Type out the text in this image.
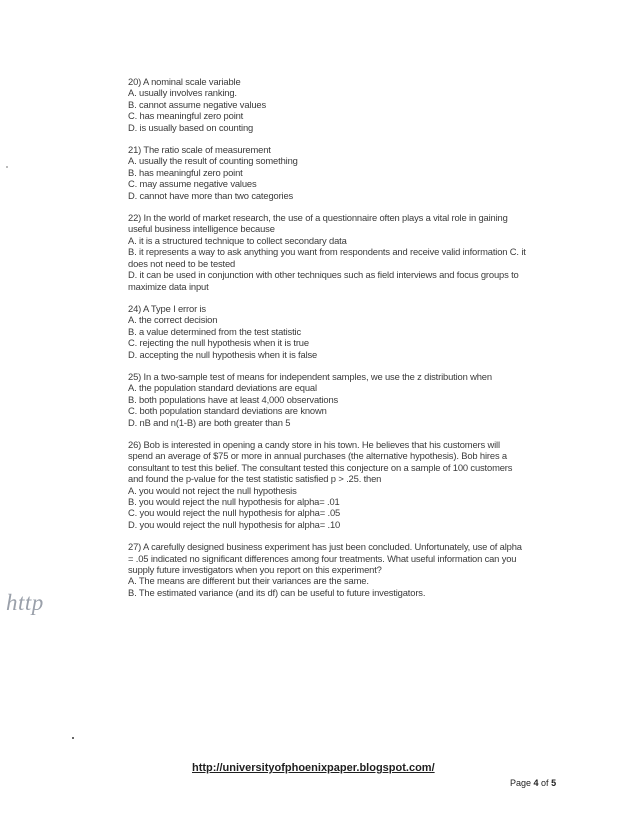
http
20) A nominal scale variable
A. usually involves ranking.
B. cannot assume negative values
C. has meaningful zero point
D. is usually based on counting
21) The ratio scale of measurement
A. usually the result of counting something
B. has meaningful zero point
C. may assume negative values
D. cannot have more than two categories
22) In the world of market research, the use of a questionnaire often plays a vital role in gaining useful business intelligence because
A. it is a structured technique to collect secondary data
B. it represents a way to ask anything you want from respondents and receive valid information C. it does not need to be tested
D. it can be used in conjunction with other techniques such as field interviews and focus groups to maximize data input
24) A Type I error is
A. the correct decision
B. a value determined from the test statistic
C. rejecting the null hypothesis when it is true
D. accepting the null hypothesis when it is false
25) In a two-sample test of means for independent samples, we use the z distribution when
A. the population standard deviations are equal
B. both populations have at least 4,000 observations
C. both population standard deviations are known
D. nB and n(1-B) are both greater than 5
26) Bob is interested in opening a candy store in his town. He believes that his customers will spend an average of $75 or more in annual purchases (the alternative hypothesis). Bob hires a consultant to test this belief. The consultant tested this conjecture on a sample of 100 customers and found the p-value for the test statistic satisfied p > .25. then
A. you would not reject the null hypothesis
B. you would reject the null hypothesis for alpha= .01
C. you would reject the null hypothesis for alpha= .05
D. you would reject the null hypothesis for alpha= .10
27) A carefully designed business experiment has just been concluded. Unfortunately, use of alpha = .05 indicated no significant differences among four treatments. What useful information can you supply future investigators when you report on this experiment?
A. The means are different but their variances are the same.
B. The estimated variance (and its df) can be useful to future investigators.
http://universityofphoenixpaper.blogspot.com/
Page 4 of 5
